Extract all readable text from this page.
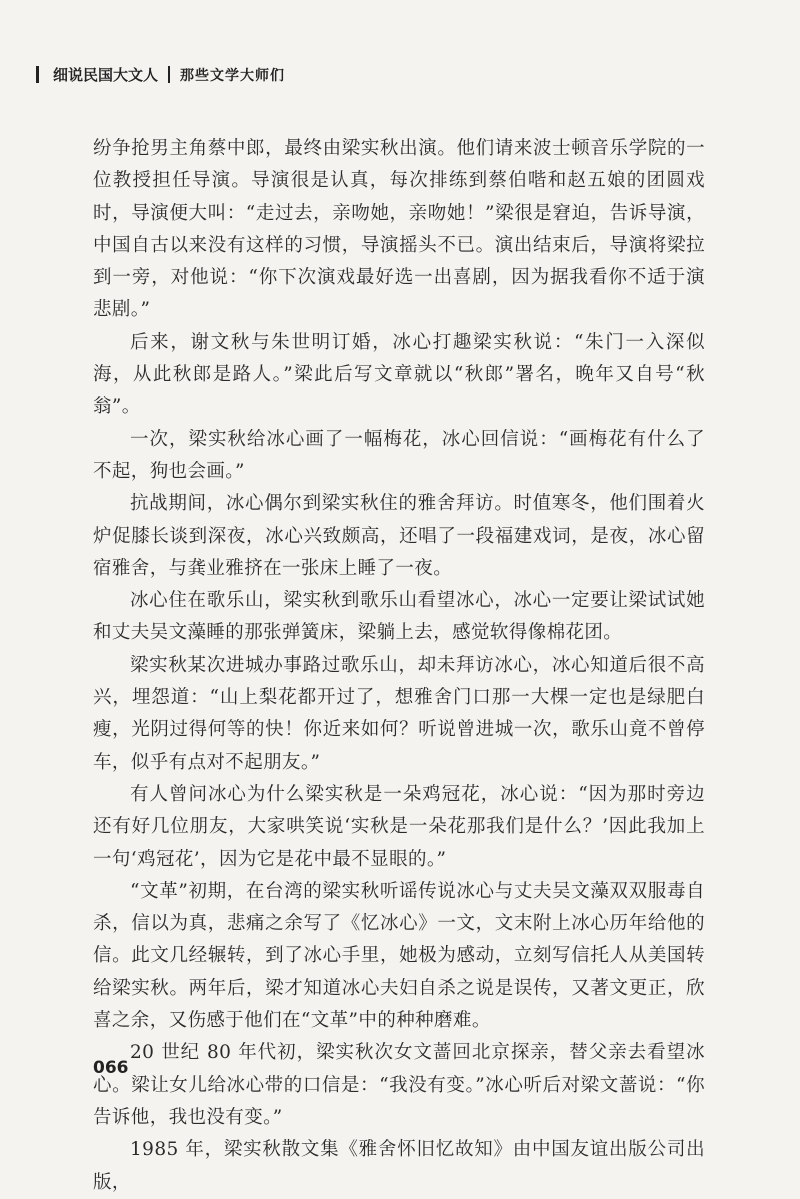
细说民国大文人 那些文学大师们

纷争抢男主角蔡中郎，最终由梁实秋出演。他们请来波士顿音乐学院的一位教授担任导演。导演很是认真，每次排练到蔡伯喈和赵五娘的团圆戏时，导演便大叫：“走过去，亲吻她，亲吻她！”梁很是窘迫，告诉导演，中国自古以来没有这样的习惯，导演摇头不已。演出结束后，导演将梁拉到一旁，对他说：“你下次演戏最好选一出喜剧，因为据我看你不适于演悲剧。”

后来，谢文秋与朱世明订婚，冰心打趣梁实秋说：“朱门一入深似海，从此秋郎是路人。”梁此后写文章就以“秋郎”署名，晚年又自号“秋翁”。

一次，梁实秋给冰心画了一幅梅花，冰心回信说：“画梅花有什么了不起，狗也会画。”

抗战期间，冰心偶尔到梁实秋住的雅舍拜访。时值寒冬，他们围着火炉促膝长谈到深夜，冰心兴致颇高，还唱了一段福建戏词，是夜，冰心留宿雅舍，与龚业雅挤在一张床上睡了一夜。

冰心住在歌乐山，梁实秋到歌乐山看望冰心，冰心一定要让梁试试她和丈夫吴文藻睡的那张弹簧床，梁躺上去，感觉软得像棉花团。

梁实秋某次进城办事路过歌乐山，却未拜访冰心，冰心知道后很不高兴，埋怨道：“山上梨花都开过了，想雅舍门口那一大棵一定也是绿肥白瘦，光阴过得何等的快！你近来如何？听说曾进城一次，歌乐山竟不曾停车，似乎有点对不起朋友。”

有人曾问冰心为什么梁实秋是一朵鸡冠花，冰心说：“因为那时旁边还有好几位朋友，大家哄笑说‘实秋是一朵花那我们是什么？’因此我加上一句‘鸡冠花’，因为它是花中最不显眼的。”

“文革”初期，在台湾的梁实秋听谣传说冰心与丈夫吴文藻双双服毒自杀，信以为真，悲痛之余写了《忆冰心》一文，文末附上冰心历年给他的信。此文几经辗转，到了冰心手里，她极为感动，立刻写信托人从美国转给梁实秋。两年后，梁才知道冰心夫妇自杀之说是误传，又著文更正，欣喜之余，又伤感于他们在“文革”中的种种磨难。

20 世纪 80 年代初，梁实秋次女文蔷回北京探亲，替父亲去看望冰心。梁让女儿给冰心带的口信是：“我没有变。”冰心听后对梁文蔷说：“你告诉他，我也没有变。”

1985 年，梁实秋散文集《雅舍怀旧忆故知》由中国友谊出版公司出版，

066
